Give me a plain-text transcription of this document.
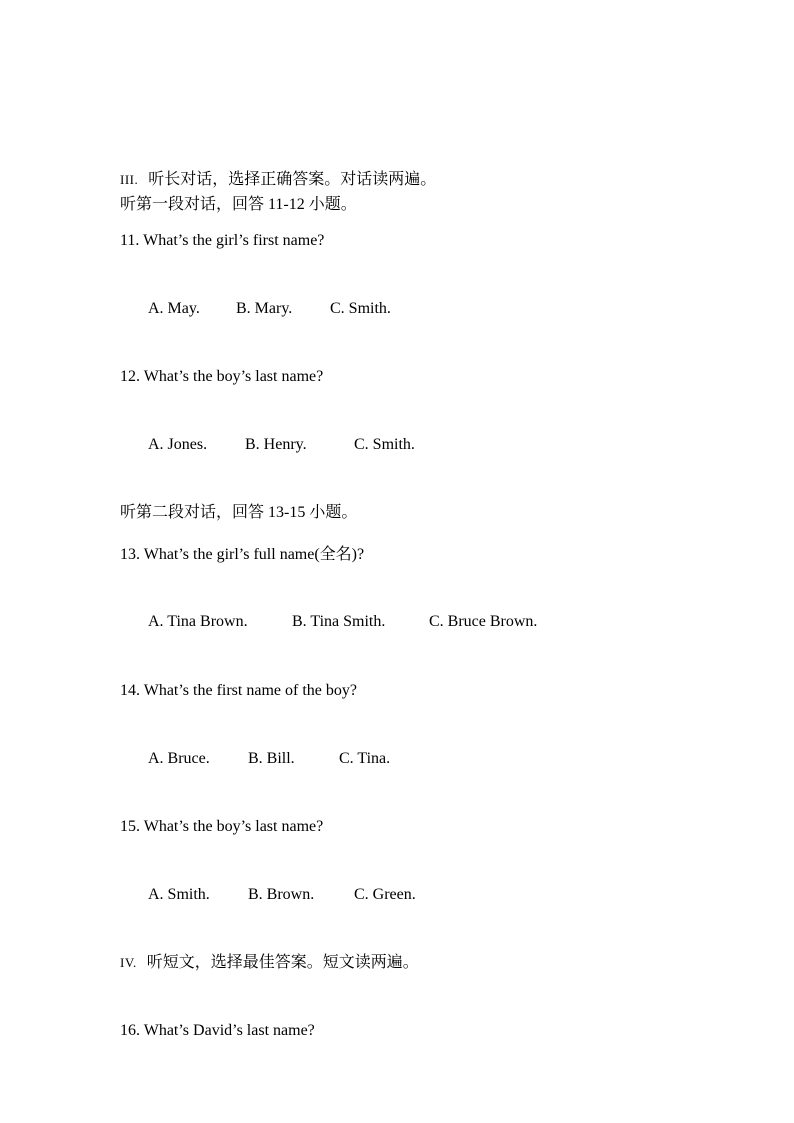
III. 听长对话，选择正确答案。对话读两遍。
听第一段对话，回答 11-12 小题。
11. What’s the girl’s first name?
A. May. B. Mary. C. Smith.
12. What’s the boy’s last name?
A. Jones. B. Henry.	C. Smith.
听第二段对话，回答 13-15 小题。
13. What’s the girl’s full name(全名)?
A. Tina Brown.	B. Tina Smith.	C. Bruce Brown.
14. What’s the first name of the boy?
A. Bruce. B. Bill.	C. Tina.
15. What’s the boy’s last name?
A. Smith. B. Brown. C. Green.
IV. 听短文，选择最佳答案。短文读两遍。
16. What’s David’s last name?
